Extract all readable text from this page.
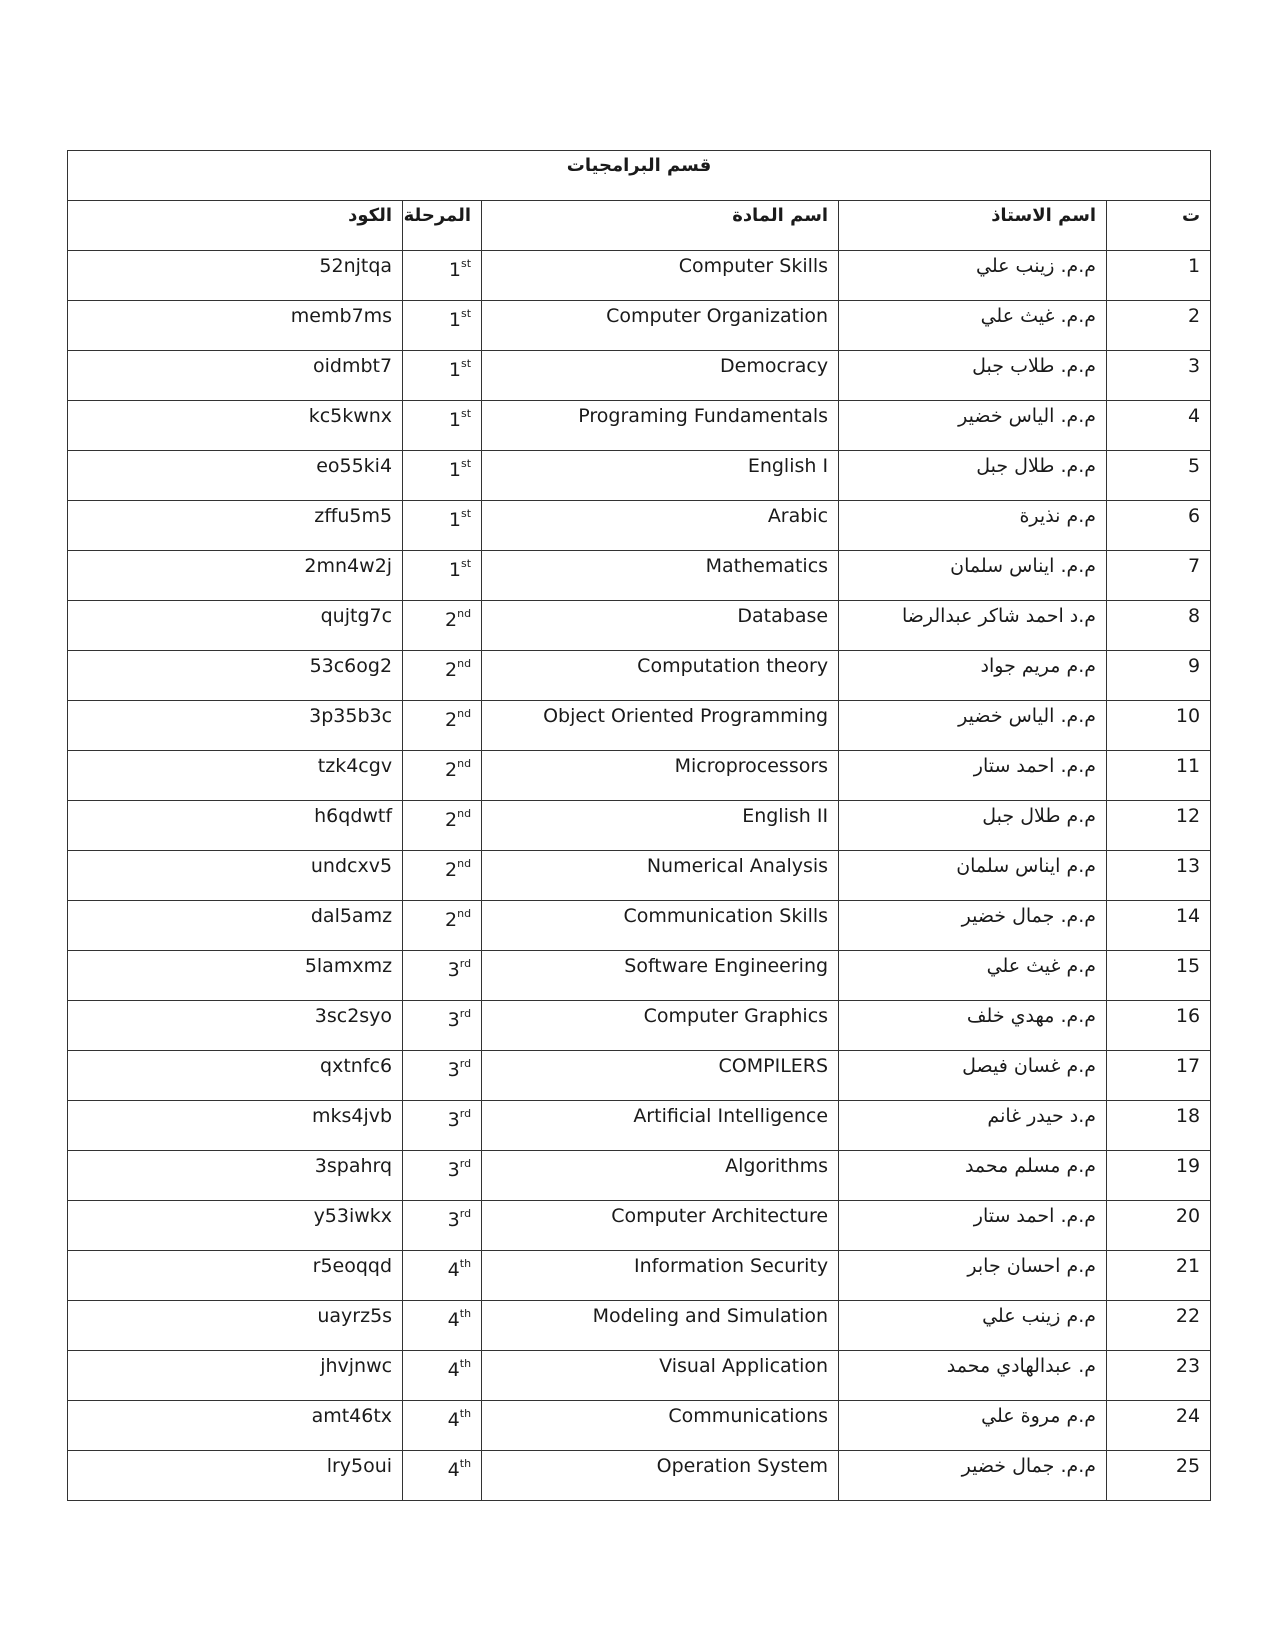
قسم البرامجيات				
ت	اسم الاستاذ	اسم المادة	المرحلة	الكود
1	م.م. زينب علي	Computer Skills	1st	52njtqa
2	م.م. غيث علي	Computer Organization	1st	memb7ms
3	م.م. طلاب جبل	Democracy	1st	oidmbt7
4	م.م. الياس خضير	Programing Fundamentals	1st	kc5kwnx
5	م.م. طلال جبل	English I	1st	eo55ki4
6	م.م نذيرة	Arabic	1st	zffu5m5
7	م.م. ايناس سلمان	Mathematics	1st	2mn4w2j
8	م.د احمد شاكر عبدالرضا	Database	2nd	qujtg7c
9	م.م مريم جواد	Computation theory	2nd	53c6og2
10	م.م. الياس خضير	Object Oriented Programming	2nd	3p35b3c
11	م.م. احمد ستار	Microprocessors	2nd	tzk4cgv
12	م.م طلال جبل	English II	2nd	h6qdwtf
13	م.م ايناس سلمان	Numerical Analysis	2nd	undcxv5
14	م.م. جمال خضير	Communication Skills	2nd	dal5amz
15	م.م غيث علي	Software Engineering	3rd	5lamxmz
16	م.م. مهدي خلف	Computer Graphics	3rd	3sc2syo
17	م.م غسان فيصل	COMPILERS	3rd	qxtnfc6
18	م.د حيدر غانم	Artificial Intelligence	3rd	mks4jvb
19	م.م مسلم محمد	Algorithms	3rd	3spahrq
20	م.م. احمد ستار	Computer Architecture	3rd	y53iwkx
21	م.م احسان جابر	Information Security	4th	r5eoqqd
22	م.م زينب علي	Modeling and Simulation	4th	uayrz5s
23	م. عبدالهادي محمد	Visual Application	4th	jhvjnwc
24	م.م مروة علي	Communications	4th	amt46tx
25	م.م. جمال خضير	Operation System	4th	lry5oui
